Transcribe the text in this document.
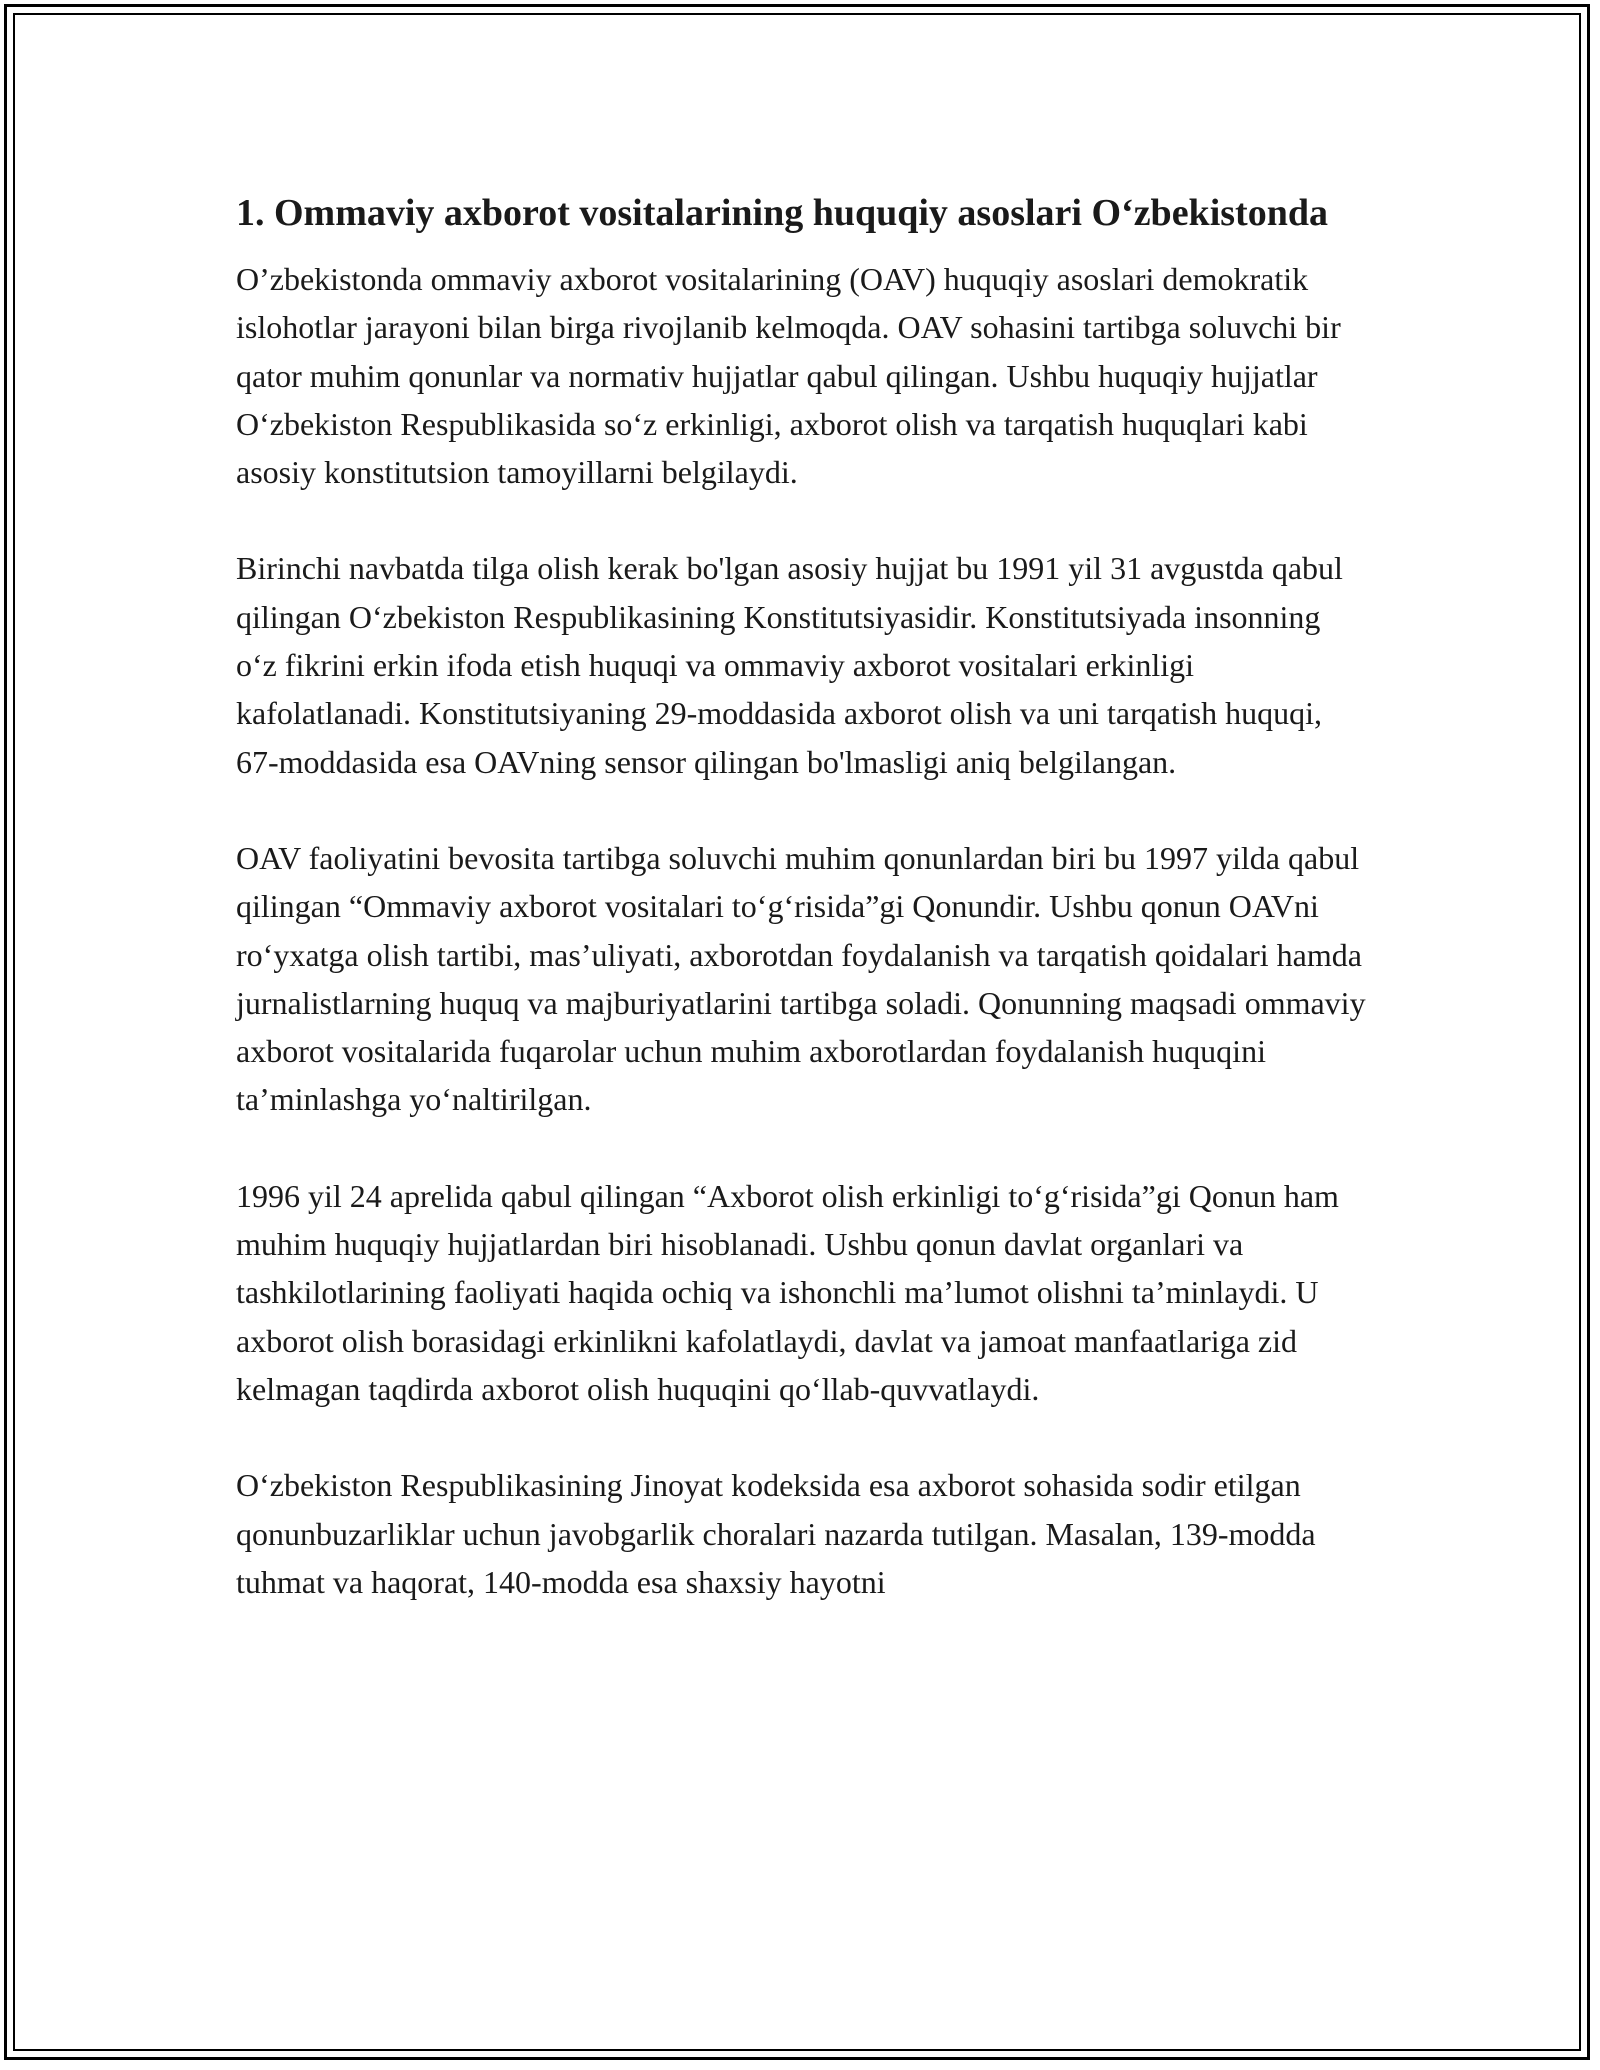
1. Ommaviy axborot vositalarining huquqiy asoslari O‘zbekistonda

O’zbekistonda ommaviy axborot vositalarining (OAV) huquqiy asoslari demokratik islohotlar jarayoni bilan birga rivojlanib kelmoqda. OAV sohasini tartibga soluvchi bir qator muhim qonunlar va normativ hujjatlar qabul qilingan. Ushbu huquqiy hujjatlar O‘zbekiston Respublikasida so‘z erkinligi, axborot olish va tarqatish huquqlari kabi asosiy konstitutsion tamoyillarni belgilaydi.

Birinchi navbatda tilga olish kerak bo'lgan asosiy hujjat bu 1991 yil 31 avgustda qabul qilingan O‘zbekiston Respublikasining Konstitutsiyasidir. Konstitutsiyada insonning o‘z fikrini erkin ifoda etish huquqi va ommaviy axborot vositalari erkinligi kafolatlanadi. Konstitutsiyaning 29-moddasida axborot olish va uni tarqatish huquqi, 67-moddasida esa OAVning sensor qilingan bo'lmasligi aniq belgilangan.

OAV faoliyatini bevosita tartibga soluvchi muhim qonunlardan biri bu 1997 yilda qabul qilingan “Ommaviy axborot vositalari to‘g‘risida”gi Qonundir. Ushbu qonun OAVni ro‘yxatga olish tartibi, mas’uliyati, axborotdan foydalanish va tarqatish qoidalari hamda jurnalistlarning huquq va majburiyatlarini tartibga soladi. Qonunning maqsadi ommaviy axborot vositalarida fuqarolar uchun muhim axborotlardan foydalanish huquqini ta’minlashga yo‘naltirilgan.

1996 yil 24 aprelida qabul qilingan “Axborot olish erkinligi to‘g‘risida”gi Qonun ham muhim huquqiy hujjatlardan biri hisoblanadi. Ushbu qonun davlat organlari va tashkilotlarining faoliyati haqida ochiq va ishonchli ma’lumot olishni ta’minlaydi. U axborot olish borasidagi erkinlikni kafolatlaydi, davlat va jamoat manfaatlariga zid kelmagan taqdirda axborot olish huquqini qo‘llab-quvvatlaydi.

O‘zbekiston Respublikasining Jinoyat kodeksida esa axborot sohasida sodir etilgan qonunbuzarliklar uchun javobgarlik choralari nazarda tutilgan. Masalan, 139-modda tuhmat va haqorat, 140-modda esa shaxsiy hayotni
